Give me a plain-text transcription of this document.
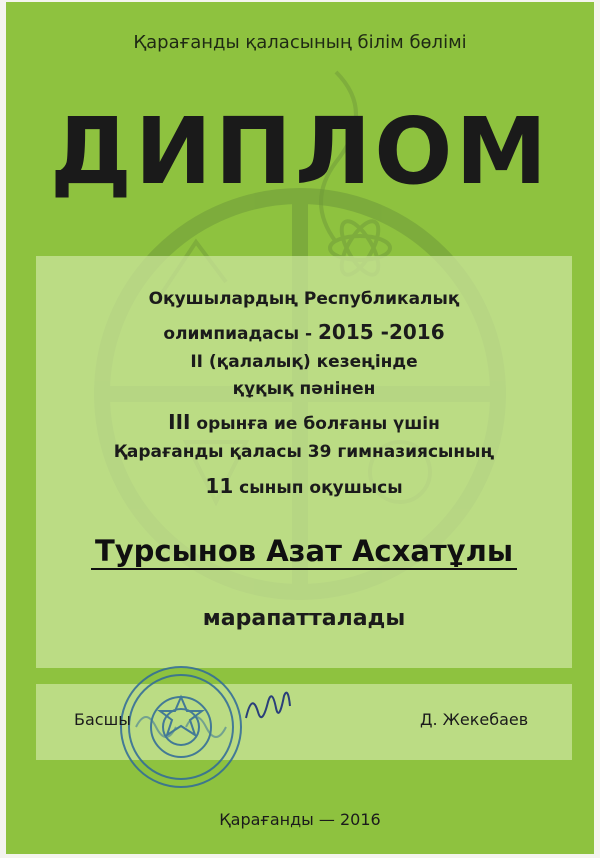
Қарағанды қаласының білім бөлімі
ДИПЛОМ
Оқушылардың Республикалық
олимпиадасы - 2015 -2016
ІІ (қалалық) кезеңінде
құқық пәнінен
ІІІ орынға ие болғаны үшін
Қарағанды қаласы 39 гимназиясының
11 сынып оқушысы
Турсынов Азат Асхатұлы
марапатталады
Басшы	Д. Жекебаев
Қарағанды — 2016
